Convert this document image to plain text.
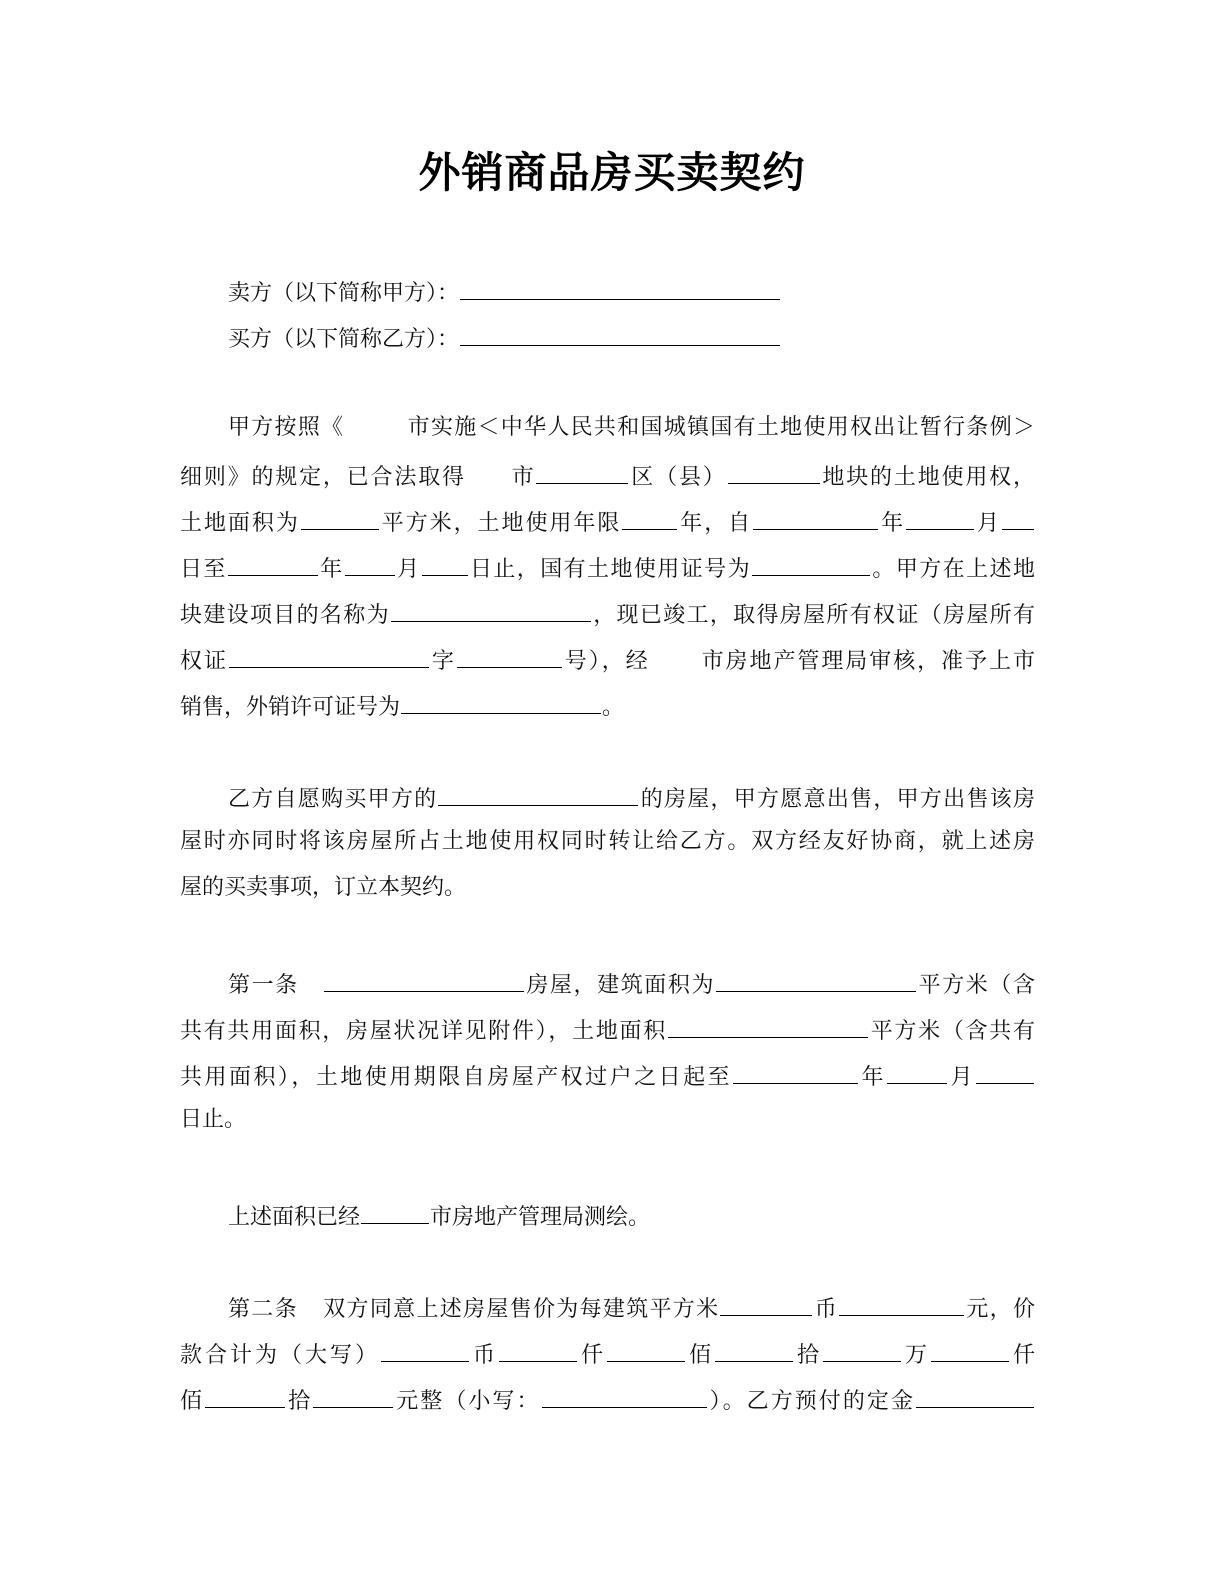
外销商品房买卖契约
卖方（以下简称甲方）：
买方（以下简称乙方）：
甲方按照《	市实施＜中华人民共和国城镇国有土地使用权出让暂行条例＞
细则》的规定，已合法取得 市	区（县）	地块的土地使用权，
土地面积为	平方米，土地使用年限	年，自	年	月
日至	年 月 日止，国有土地使用证号为	。甲方在上述地
块建设项目的名称为	，现已竣工，取得房屋所有权证（房屋所有
权证	字	号），经 市房地产管理局审核，准予上市
销售，外销许可证号为	。
乙方自愿购买甲方的	的房屋，甲方愿意出售，甲方出售该房
屋时亦同时将该房屋所占土地使用权同时转让给乙方。双方经友好协商，就上述房
屋的买卖事项，订立本契约。
第一条	房屋，建筑面积为	平方米（含
共有共用面积，房屋状况详见附件），土地面积	平方米（含共有
共用面积），土地使用期限自房屋产权过户之日起至	年	月
日止。
上述面积已经	市房地产管理局测绘。
第二条 双方同意上述房屋售价为每建筑平方米	币	元，价
款合计为（大写）	币	仟	佰	拾	万	仟
佰	拾	元整（小写：	）。乙方预付的定金
